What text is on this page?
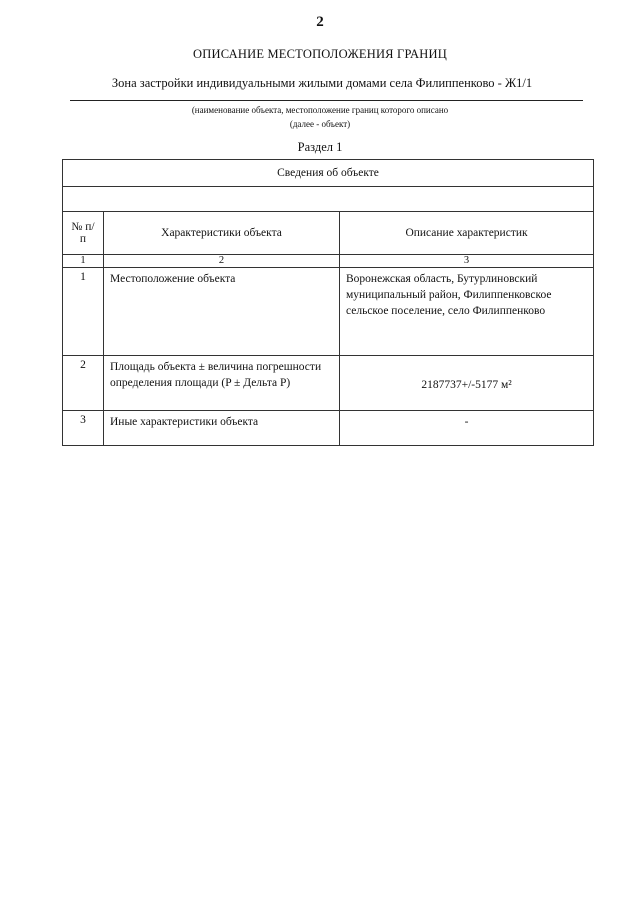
2
ОПИСАНИЕ МЕСТОПОЛОЖЕНИЯ ГРАНИЦ
Зона застройки индивидуальными жилыми домами села Филиппенково - Ж1/1
(наименование объекта, местоположение границ которого описано
(далее - объект)
Раздел 1
Сведения об объекте		

№ п/п	Характеристики объекта	Описание характеристик
1	2	3
1	Местоположение объекта	Воронежская область, Бутурлиновский муниципальный район, Филиппенковское сельское поселение, село Филиппенково
2	Площадь объекта ± величина погрешности определения площади (P ± Дельта P)	2187737+/-5177 м²
3	Иные характеристики объекта	-
